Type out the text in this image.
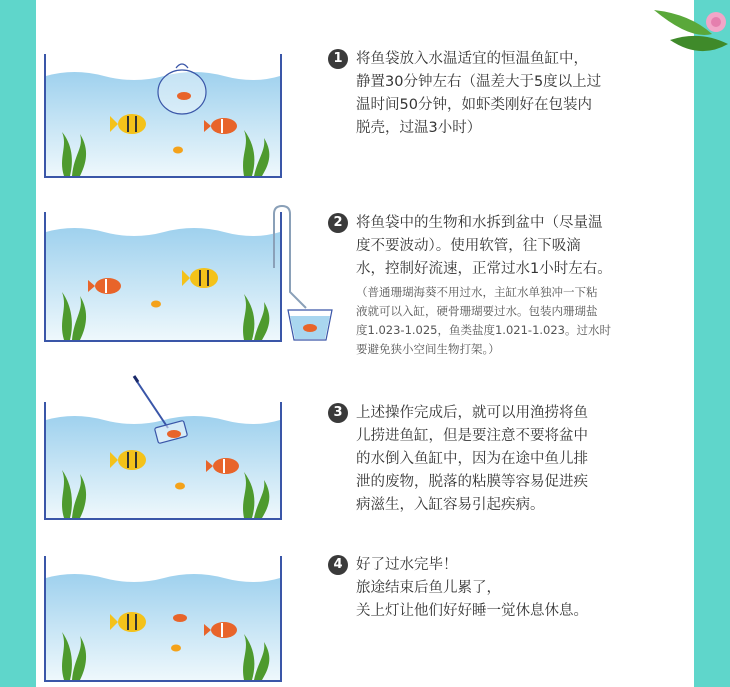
1 将鱼袋放入水温适宜的恒温鱼缸中，
静置30分钟左右（温差大于5度以上过
温时间50分钟，如虾类刚好在包装内
脱壳，过温3小时）
2 将鱼袋中的生物和水拆到盆中（尽量温
度不要波动）。使用软管，往下吸滴
水，控制好流速，正常过水1小时左右。
（普通珊瑚海葵不用过水，主缸水单独冲一下粘
液就可以入缸，硬骨珊瑚要过水。包装内珊瑚盐
度1.023-1.025，鱼类盐度1.021-1.023。过水时
要避免狭小空间生物打架。）
3 上述操作完成后，就可以用渔捞将鱼
儿捞进鱼缸，但是要注意不要将盆中
的水倒入鱼缸中，因为在途中鱼儿排
泄的废物，脱落的粘膜等容易促进疾
病滋生，入缸容易引起疾病。
4 好了过水完毕！
旅途结束后鱼儿累了，
关上灯让他们好好睡一觉休息休息。
